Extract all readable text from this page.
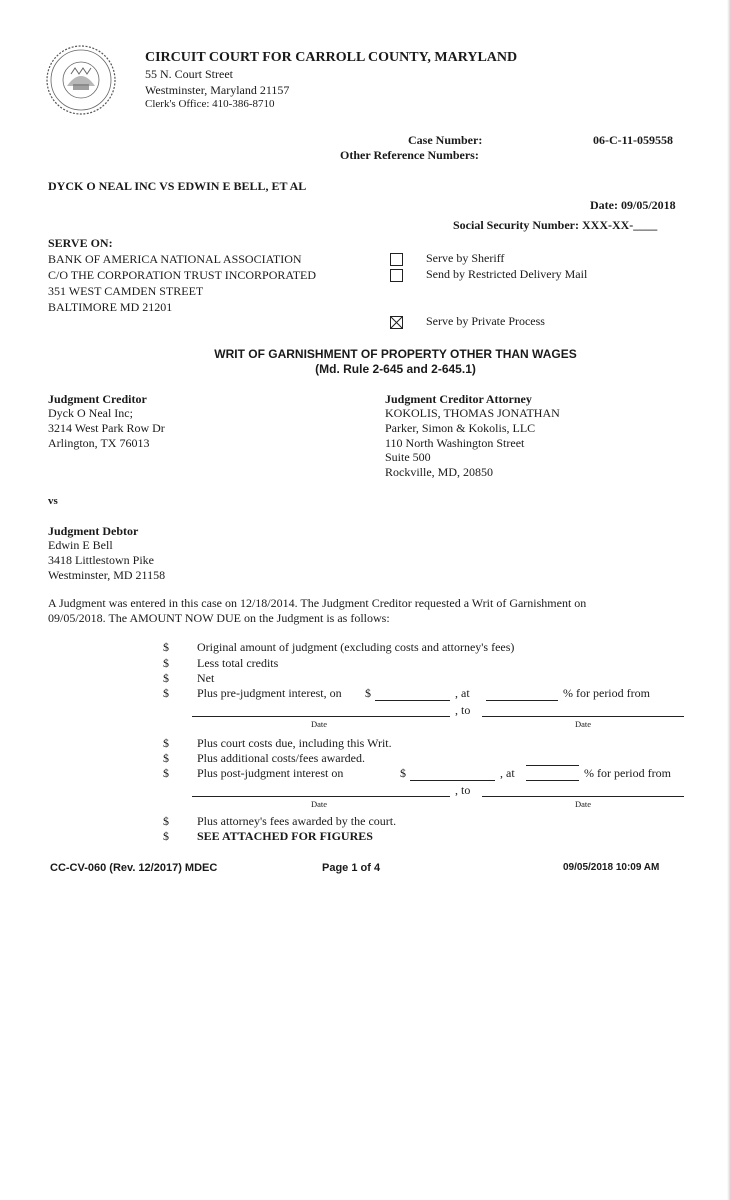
CIRCUIT COURT FOR CARROLL COUNTY, MARYLAND
55 N. Court Street
Westminster, Maryland 21157
Clerk's Office: 410-386-8710
Case Number:	06-C-11-059558
Other Reference Numbers:
DYCK O NEAL INC VS EDWIN E BELL, ET AL
Date: 09/05/2018
Social Security Number: XXX-XX-____
SERVE ON:
BANK OF AMERICA NATIONAL ASSOCIATION
C/O THE CORPORATION TRUST INCORPORATED
351 WEST CAMDEN STREET
BALTIMORE MD 21201
Serve by Sheriff
Send by Restricted Delivery Mail
Serve by Private Process
WRIT OF GARNISHMENT OF PROPERTY OTHER THAN WAGES
(Md. Rule 2-645 and 2-645.1)
Judgment Creditor
Dyck O Neal Inc;
3214 West Park Row Dr
Arlington, TX 76013
Judgment Creditor Attorney
KOKOLIS, THOMAS JONATHAN
Parker, Simon & Kokolis, LLC
110 North Washington Street
Suite 500
Rockville, MD, 20850
vs
Judgment Debtor
Edwin E Bell
3418 Littlestown Pike
Westminster, MD 21158
A Judgment was entered in this case on 12/18/2014. The Judgment Creditor requested a Writ of Garnishment on
09/05/2018. The AMOUNT NOW DUE on the Judgment is as follows:
$ Original amount of judgment (excluding costs and attorney's fees)
$ Less total credits
$ Net
$ Plus pre-judgment interest, on $	, at	% for period from
, to
Date	Date
$ Plus court costs due, including this Writ.
$ Plus additional costs/fees awarded.
$ Plus post-judgment interest on	$	, at	% for period from
, to
Date	Date
$ Plus attorney's fees awarded by the court.
$ SEE ATTACHED FOR FIGURES
CC-CV-060 (Rev. 12/2017) MDEC	Page 1 of 4	09/05/2018 10:09 AM
